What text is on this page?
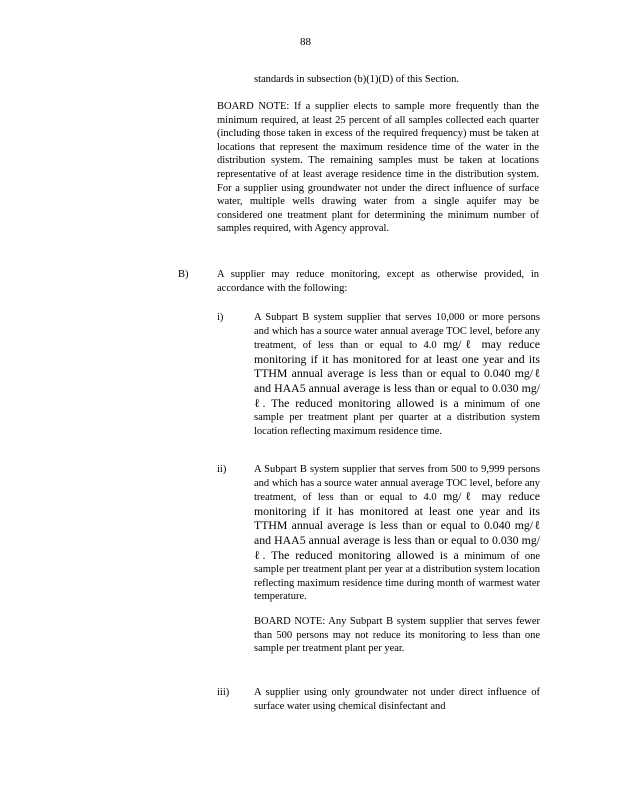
88
standards in subsection (b)(1)(D) of this Section.
BOARD NOTE: If a supplier elects to sample more frequently than the minimum required, at least 25 percent of all samples collected each quarter (including those taken in excess of the required frequency) must be taken at locations that represent the maximum residence time of the water in the distribution system. The remaining samples must be taken at locations representative of at least average residence time in the distribution system. For a supplier using groundwater not under the direct influence of surface water, multiple wells drawing water from a single aquifer may be considered one treatment plant for determining the minimum number of samples required, with Agency approval.
B)	A supplier may reduce monitoring, except as otherwise provided, in accordance with the following:
i)	A Subpart B system supplier that serves 10,000 or more persons and which has a source water annual average TOC level, before any treatment, of less than or equal to 4.0 mg/ℓ may reduce monitoring if it has monitored for at least one year and its TTHM annual average is less than or equal to 0.040 mg/ℓ and HAA5 annual average is less than or equal to 0.030 mg/ℓ. The reduced monitoring allowed is a minimum of one sample per treatment plant per quarter at a distribution system location reflecting maximum residence time.
ii)	A Subpart B system supplier that serves from 500 to 9,999 persons and which has a source water annual average TOC level, before any treatment, of less than or equal to 4.0 mg/ℓ may reduce monitoring if it has monitored at least one year and its TTHM annual average is less than or equal to 0.040 mg/ℓ and HAA5 annual average is less than or equal to 0.030 mg/ℓ. The reduced monitoring allowed is a minimum of one sample per treatment plant per year at a distribution system location reflecting maximum residence time during month of warmest water temperature.
BOARD NOTE: Any Subpart B system supplier that serves fewer than 500 persons may not reduce its monitoring to less than one sample per treatment plant per year.
iii) A supplier using only groundwater not under direct influence of surface water using chemical disinfectant and
